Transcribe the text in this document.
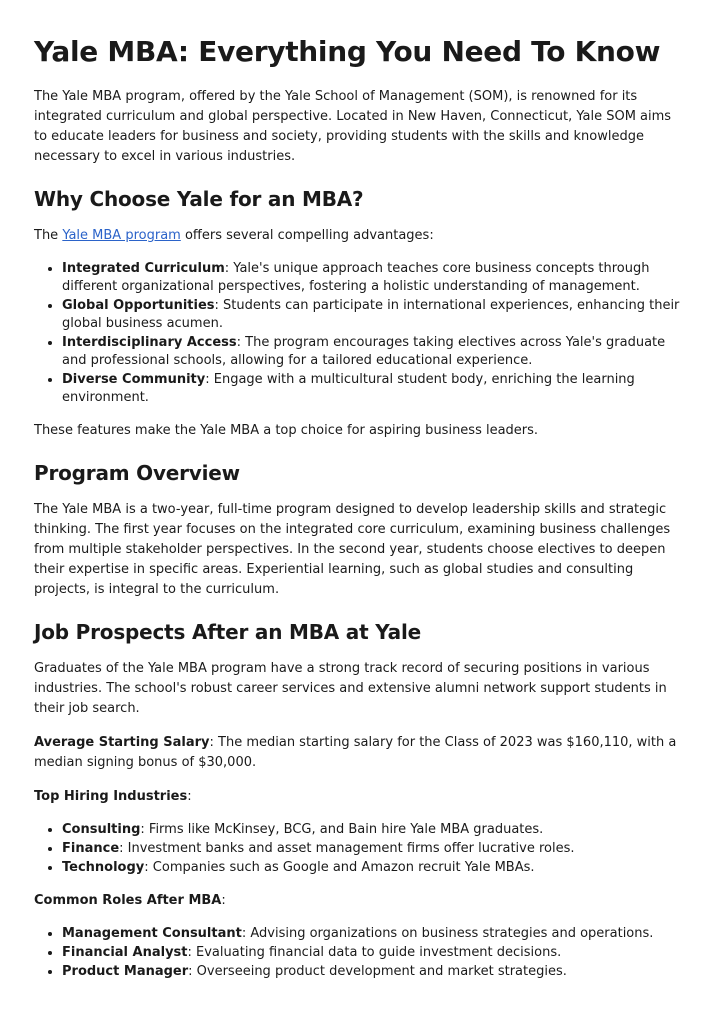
Yale MBA: Everything You Need To Know

The Yale MBA program, offered by the Yale School of Management (SOM), is renowned for its integrated curriculum and global perspective. Located in New Haven, Connecticut, Yale SOM aims to educate leaders for business and society, providing students with the skills and knowledge necessary to excel in various industries.

Why Choose Yale for an MBA?

The Yale MBA program offers several compelling advantages:

• Integrated Curriculum: Yale's unique approach teaches core business concepts through different organizational perspectives, fostering a holistic understanding of management.
• Global Opportunities: Students can participate in international experiences, enhancing their global business acumen.
• Interdisciplinary Access: The program encourages taking electives across Yale's graduate and professional schools, allowing for a tailored educational experience.
• Diverse Community: Engage with a multicultural student body, enriching the learning environment.

These features make the Yale MBA a top choice for aspiring business leaders.

Program Overview

The Yale MBA is a two-year, full-time program designed to develop leadership skills and strategic thinking. The first year focuses on the integrated core curriculum, examining business challenges from multiple stakeholder perspectives. In the second year, students choose electives to deepen their expertise in specific areas. Experiential learning, such as global studies and consulting projects, is integral to the curriculum.

Job Prospects After an MBA at Yale

Graduates of the Yale MBA program have a strong track record of securing positions in various industries. The school's robust career services and extensive alumni network support students in their job search.

Average Starting Salary: The median starting salary for the Class of 2023 was $160,110, with a median signing bonus of $30,000.

Top Hiring Industries:

• Consulting: Firms like McKinsey, BCG, and Bain hire Yale MBA graduates.
• Finance: Investment banks and asset management firms offer lucrative roles.
• Technology: Companies such as Google and Amazon recruit Yale MBAs.

Common Roles After MBA:

• Management Consultant: Advising organizations on business strategies and operations.
• Financial Analyst: Evaluating financial data to guide investment decisions.
• Product Manager: Overseeing product development and market strategies.
